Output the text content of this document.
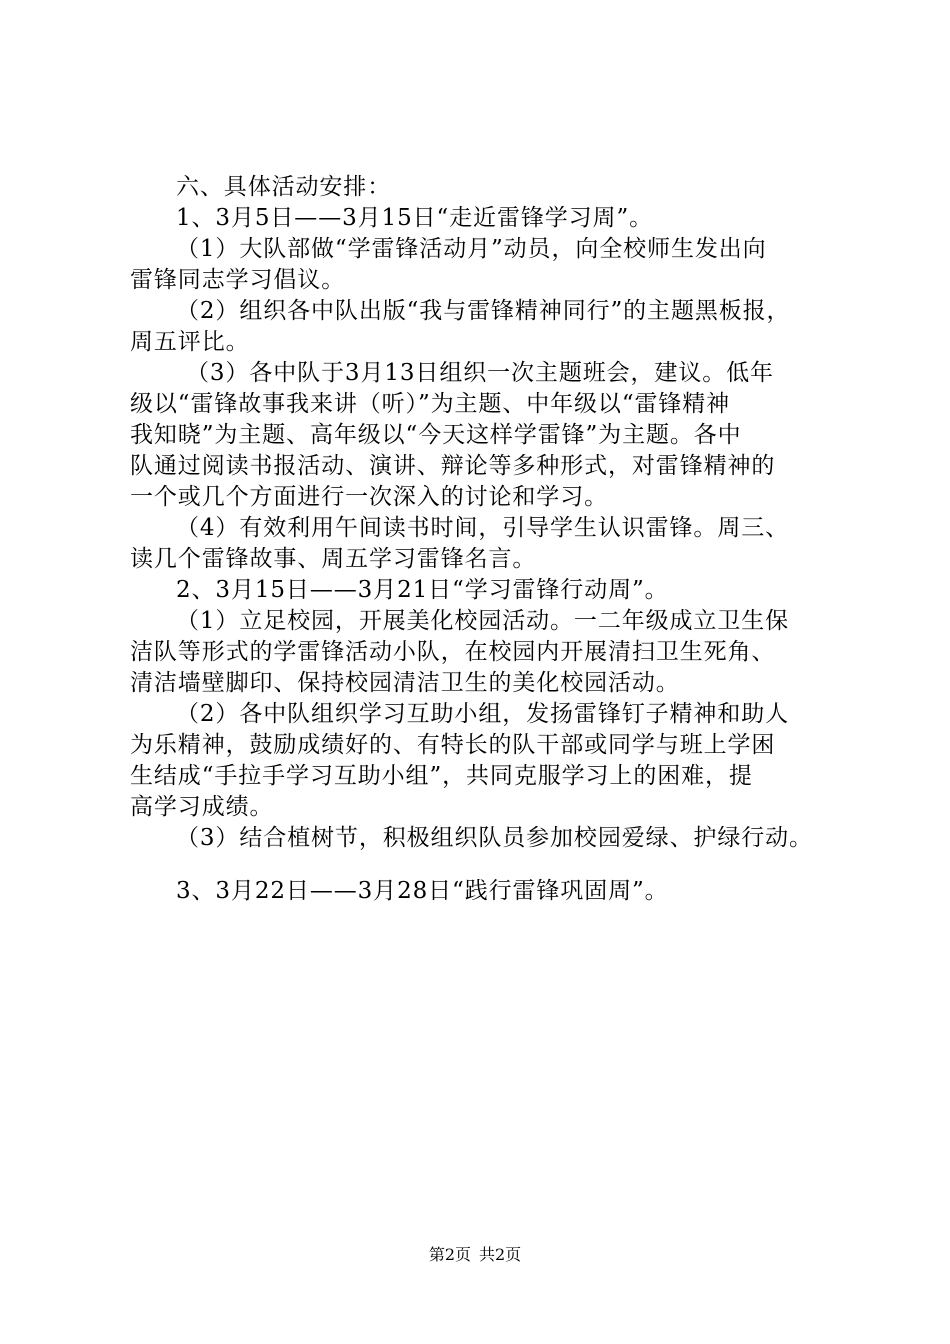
六、具体活动安排：
1、3月5日——3月15日“走近雷锋学习周”。
（1）大队部做“学雷锋活动月”动员，向全校师生发出向
雷锋同志学习倡议。
（2）组织各中队出版“我与雷锋精神同行”的主题黑板报，
周五评比。
（3）各中队于3月13日组织一次主题班会，建议。低年
级以“雷锋故事我来讲（听）”为主题、中年级以“雷锋精神
我知晓”为主题、高年级以“今天这样学雷锋”为主题。各中
队通过阅读书报活动、演讲、辩论等多种形式，对雷锋精神的
一个或几个方面进行一次深入的讨论和学习。
（4）有效利用午间读书时间，引导学生认识雷锋。周三、
读几个雷锋故事、周五学习雷锋名言。
2、3月15日——3月21日“学习雷锋行动周”。
（1）立足校园，开展美化校园活动。一二年级成立卫生保
洁队等形式的学雷锋活动小队，在校园内开展清扫卫生死角、
清洁墙壁脚印、保持校园清洁卫生的美化校园活动。
（2）各中队组织学习互助小组，发扬雷锋钉子精神和助人
为乐精神，鼓励成绩好的、有特长的队干部或同学与班上学困
生结成“手拉手学习互助小组”，共同克服学习上的困难，提
高学习成绩。
（3）结合植树节，积极组织队员参加校园爱绿、护绿行动。
3、3月22日——3月28日“践行雷锋巩固周”。
第2页 共2页
